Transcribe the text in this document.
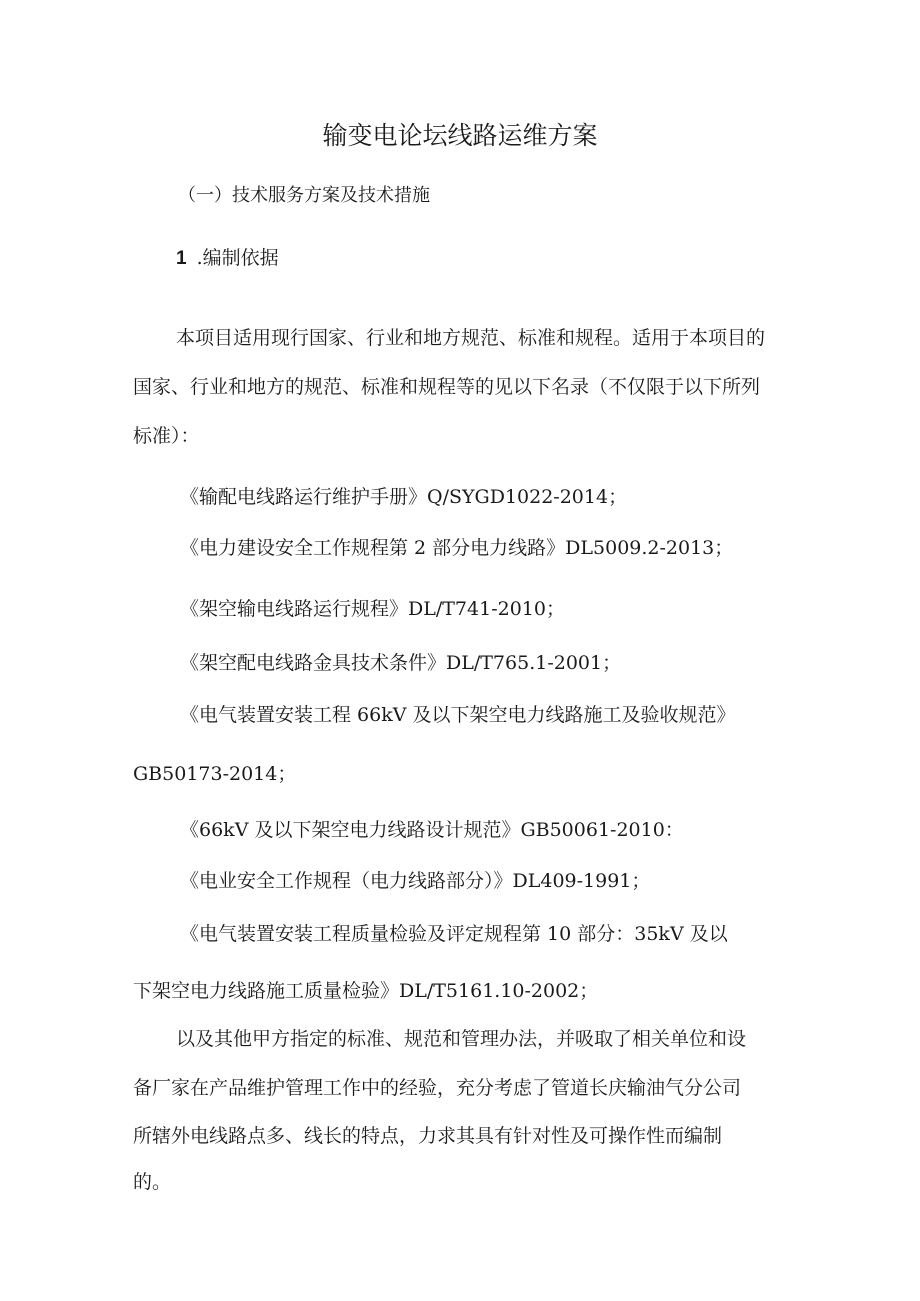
输变电论坛线路运维方案
（一）技术服务方案及技术措施
1 .编制依据
本项目适用现行国家、行业和地方规范、标准和规程。适用于本项目的
国家、行业和地方的规范、标准和规程等的见以下名录（不仅限于以下所列
标准）：
《输配电线路运行维护手册》Q/SYGD1022-2014；
《电力建设安全工作规程第 2 部分电力线路》DL5009.2-2013；
《架空输电线路运行规程》DL/T741-2010；
《架空配电线路金具技术条件》DL/T765.1-2001；
《电气装置安装工程 66kV 及以下架空电力线路施工及验收规范》
GB50173-2014；
《66kV 及以下架空电力线路设计规范》GB50061-2010：
《电业安全工作规程（电力线路部分）》DL409-1991；
《电气装置安装工程质量检验及评定规程第 10 部分：35kV 及以
下架空电力线路施工质量检验》DL/T5161.10-2002；
以及其他甲方指定的标准、规范和管理办法，并吸取了相关单位和设
备厂家在产品维护管理工作中的经验，充分考虑了管道长庆输油气分公司
所辖外电线路点多、线长的特点，力求其具有针对性及可操作性而编制
的。
